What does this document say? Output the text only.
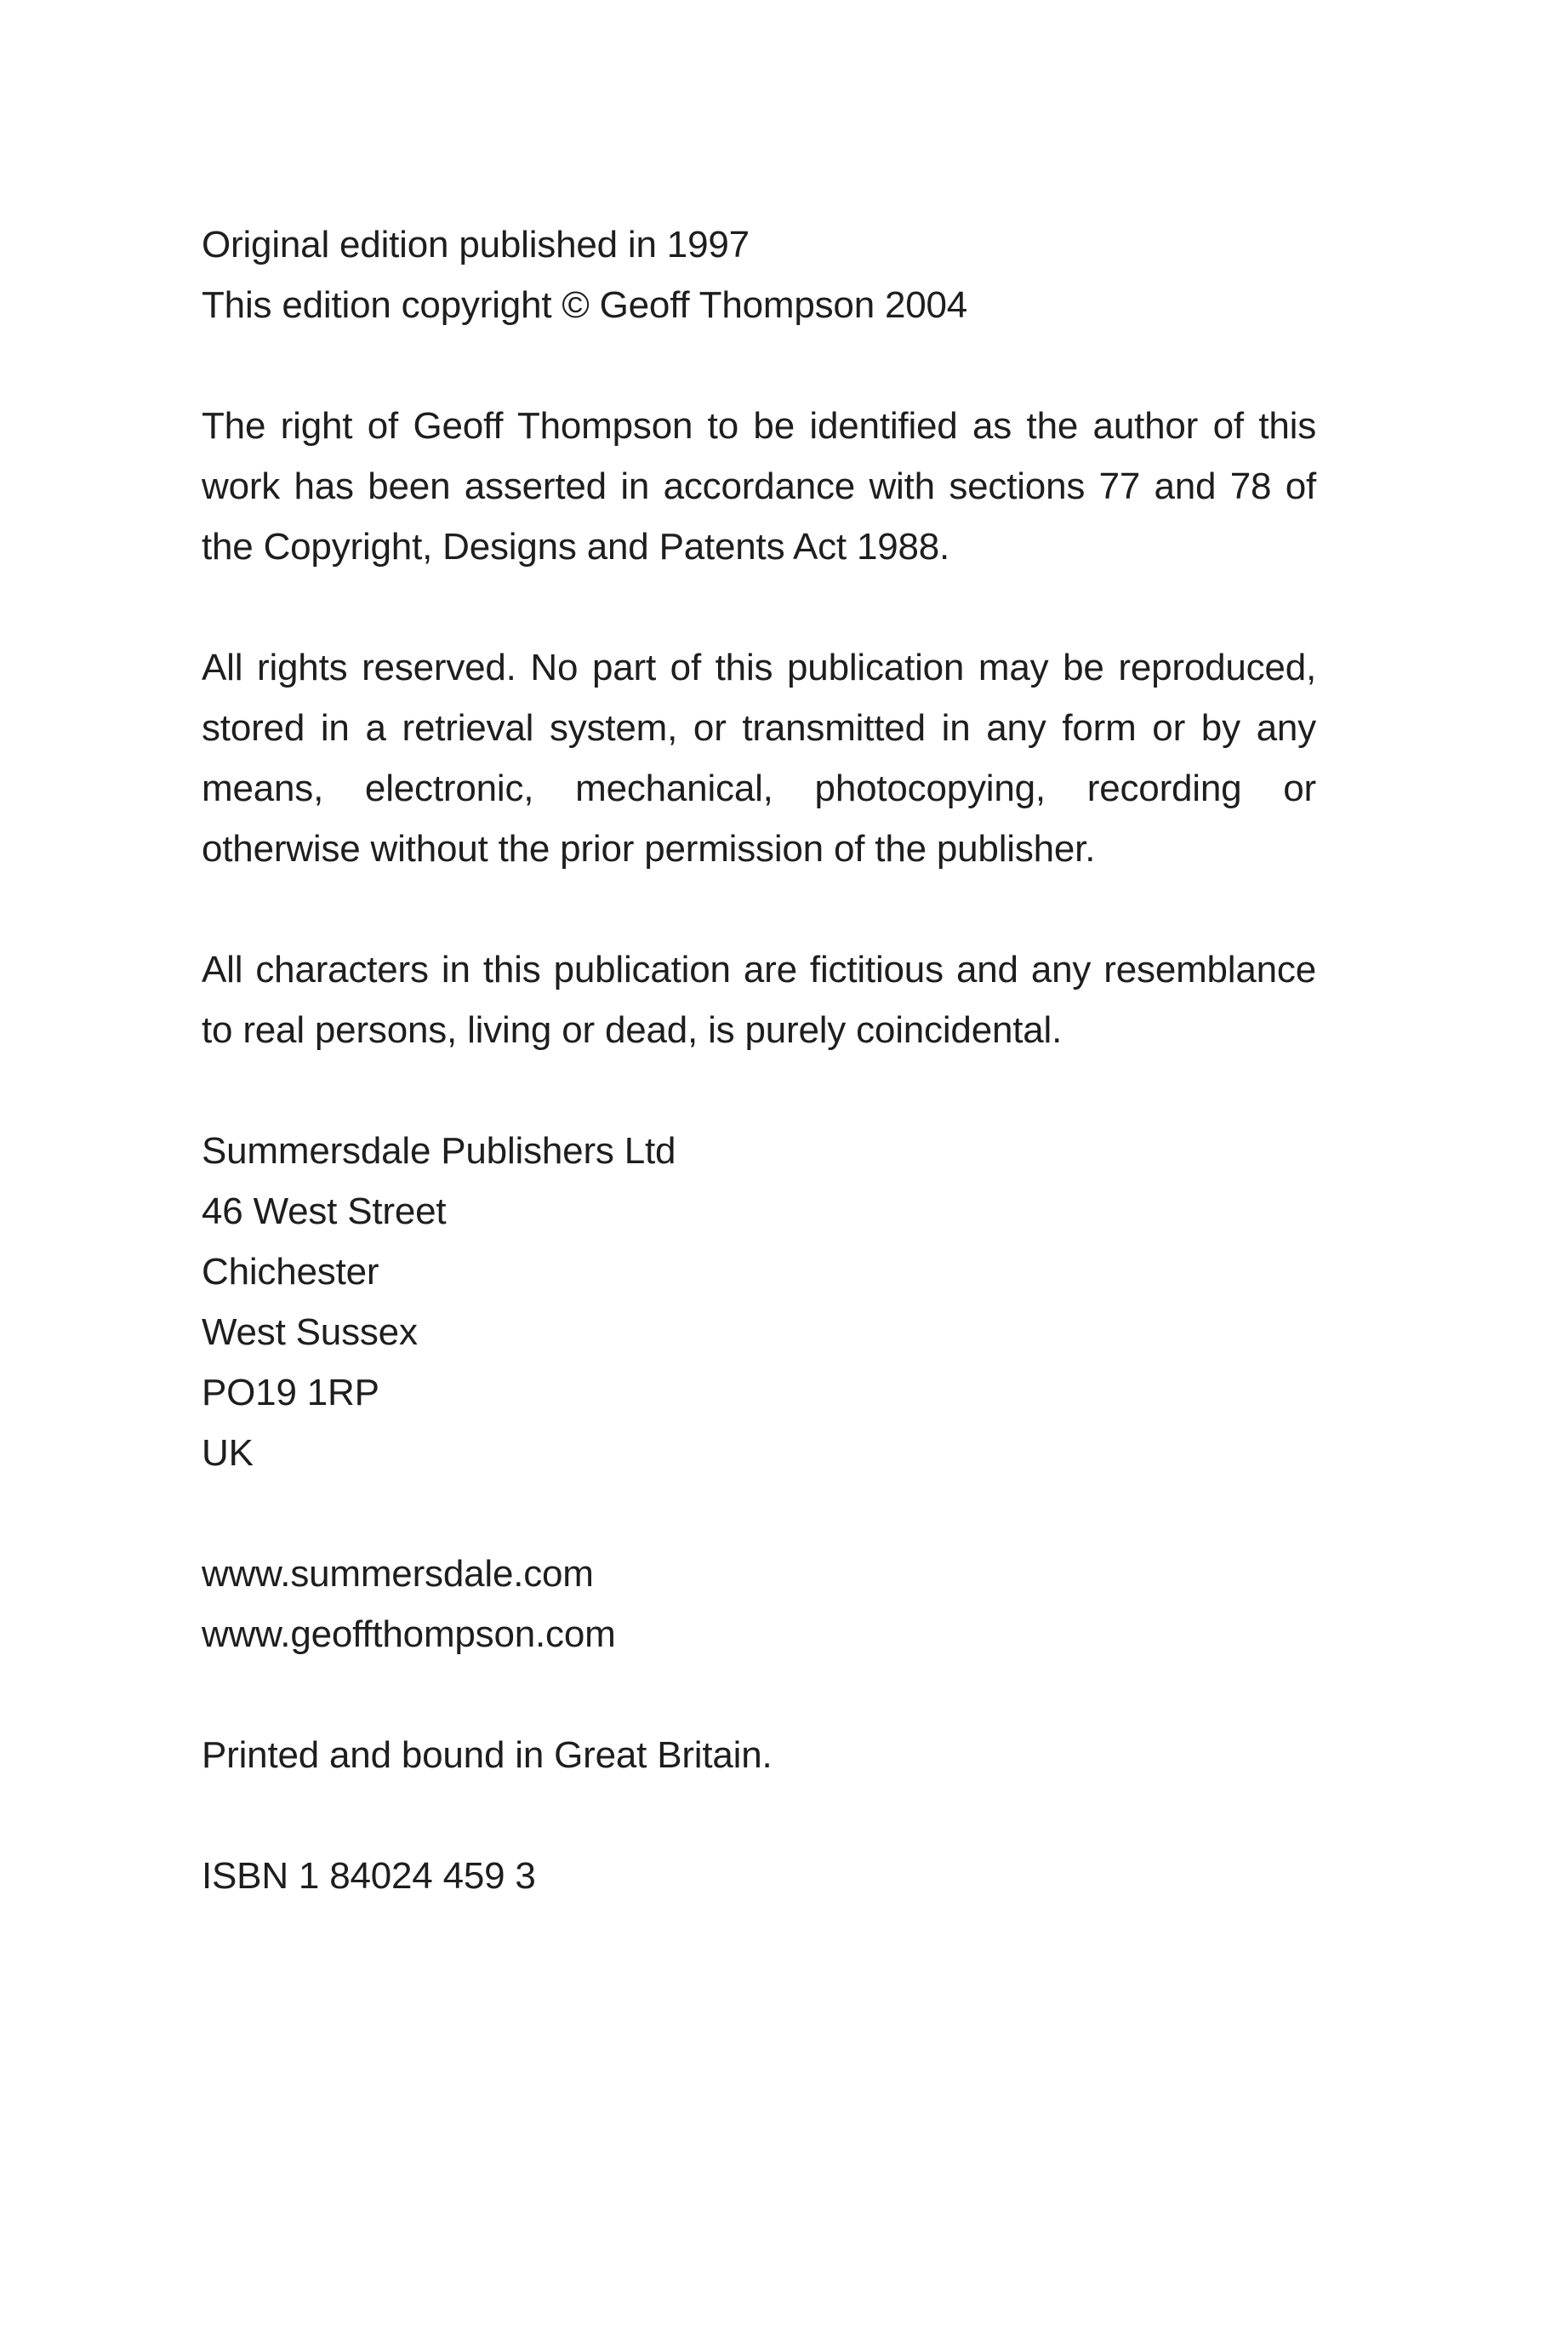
Original edition published in 1997
This edition copyright © Geoff Thompson 2004
The right of Geoff Thompson to be identified as the author of this
work has been asserted in accordance with sections 77 and 78 of
the Copyright, Designs and Patents Act 1988.
All rights reserved. No part of this publication may be reproduced,
stored in a retrieval system, or transmitted in any form or by any
means, electronic, mechanical, photocopying, recording or
otherwise without the prior permission of the publisher.
All characters in this publication are fictitious and any resemblance
to real persons, living or dead, is purely coincidental.
Summersdale Publishers Ltd
46 West Street
Chichester
West Sussex
PO19 1RP
UK
www.summersdale.com
www.geoffthompson.com
Printed and bound in Great Britain.
ISBN 1 84024 459 3
